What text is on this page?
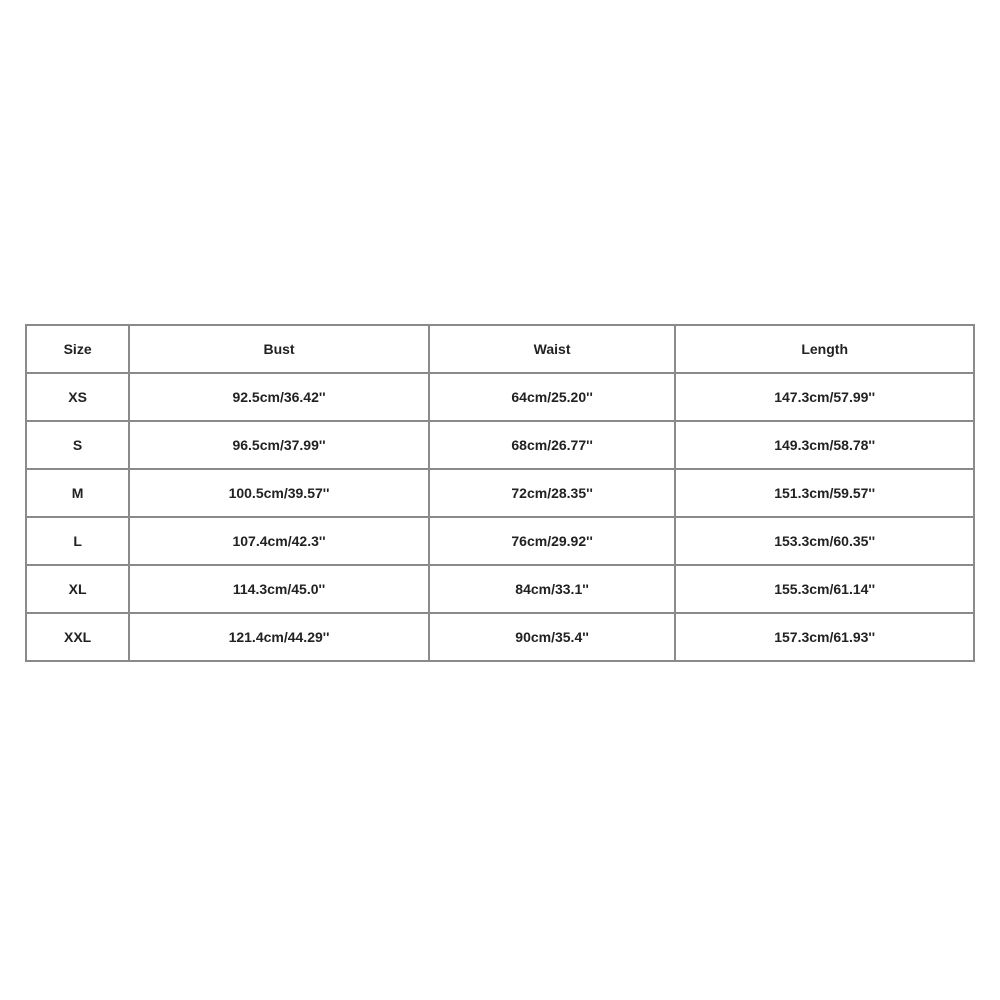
Size	Bust	Waist	Length
XS	92.5cm/36.42''	64cm/25.20''	147.3cm/57.99''
S	96.5cm/37.99''	68cm/26.77''	149.3cm/58.78''
M	100.5cm/39.57''	72cm/28.35''	151.3cm/59.57''
L	107.4cm/42.3''	76cm/29.92''	153.3cm/60.35''
XL	114.3cm/45.0''	84cm/33.1''	155.3cm/61.14''
XXL	121.4cm/44.29''	90cm/35.4''	157.3cm/61.93''
